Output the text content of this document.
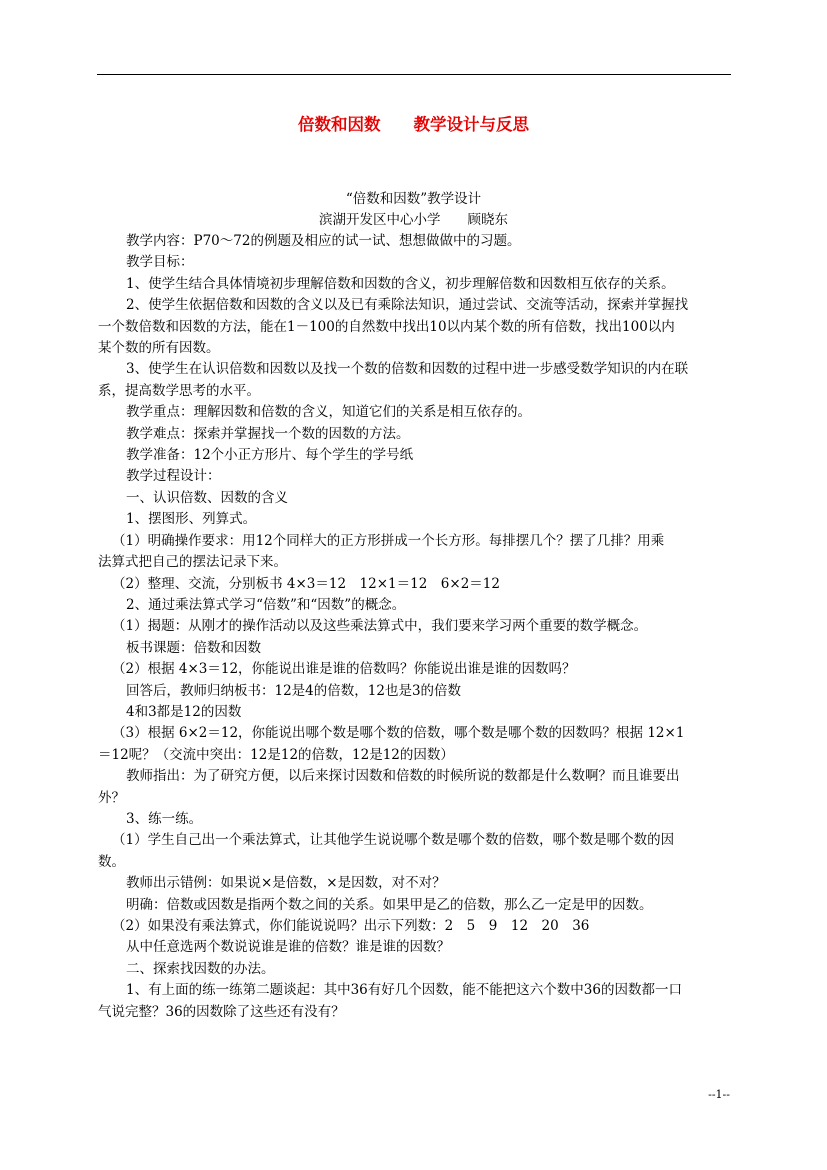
倍数和因数　　教学设计与反思
“倍数和因数”教学设计
滨湖开发区中心小学　　顾晓东

教学内容：P70～72的例题及相应的试一试、想想做做中的习题。

教学目标：

1、使学生结合具体情境初步理解倍数和因数的含义，初步理解倍数和因数相互依存的关系。

2、使学生依据倍数和因数的含义以及已有乘除法知识，通过尝试、交流等活动，探索并掌握找

一个数倍数和因数的方法，能在1－100的自然数中找出10以内某个数的所有倍数，找出100以内

某个数的所有因数。

3、使学生在认识倍数和因数以及找一个数的倍数和因数的过程中进一步感受数学知识的内在联

系，提高数学思考的水平。

教学重点：理解因数和倍数的含义，知道它们的关系是相互依存的。

教学难点：探索并掌握找一个数的因数的方法。

教学准备：12个小正方形片、每个学生的学号纸

教学过程设计：

一、认识倍数、因数的含义

1、摆图形、列算式。

（1）明确操作要求：用12个同样大的正方形拼成一个长方形。每排摆几个？摆了几排？用乘

法算式把自己的摆法记录下来。

（2）整理、交流，分别板书 4×3＝12　12×1＝12　6×2＝12

2、通过乘法算式学习“倍数”和“因数”的概念。

（1）揭题：从刚才的操作活动以及这些乘法算式中，我们要来学习两个重要的数学概念。

板书课题：倍数和因数

（2）根据 4×3＝12，你能说出谁是谁的倍数吗？你能说出谁是谁的因数吗？

回答后，教师归纳板书：12是4的倍数，12也是3的倍数

4和3都是12的因数

（3）根据 6×2＝12，你能说出哪个数是哪个数的倍数，哪个数是哪个数的因数吗？根据 12×1

＝12呢？（交流中突出：12是12的倍数，12是12的因数）

教师指出：为了研究方便，以后来探讨因数和倍数的时候所说的数都是什么数啊？而且谁要出

外？

3、练一练。

（1）学生自己出一个乘法算式，让其他学生说说哪个数是哪个数的倍数，哪个数是哪个数的因

数。

教师出示错例：如果说×是倍数，×是因数，对不对？

明确：倍数或因数是指两个数之间的关系。如果甲是乙的倍数，那么乙一定是甲的因数。

（2）如果没有乘法算式，你们能说说吗？出示下列数：2　5　9　12　20　36

从中任意选两个数说说谁是谁的倍数？谁是谁的因数？

二、探索找因数的办法。

1、有上面的练一练第二题谈起：其中36有好几个因数，能不能把这六个数中36的因数都一口

气说完整？36的因数除了这些还有没有？

--1--
